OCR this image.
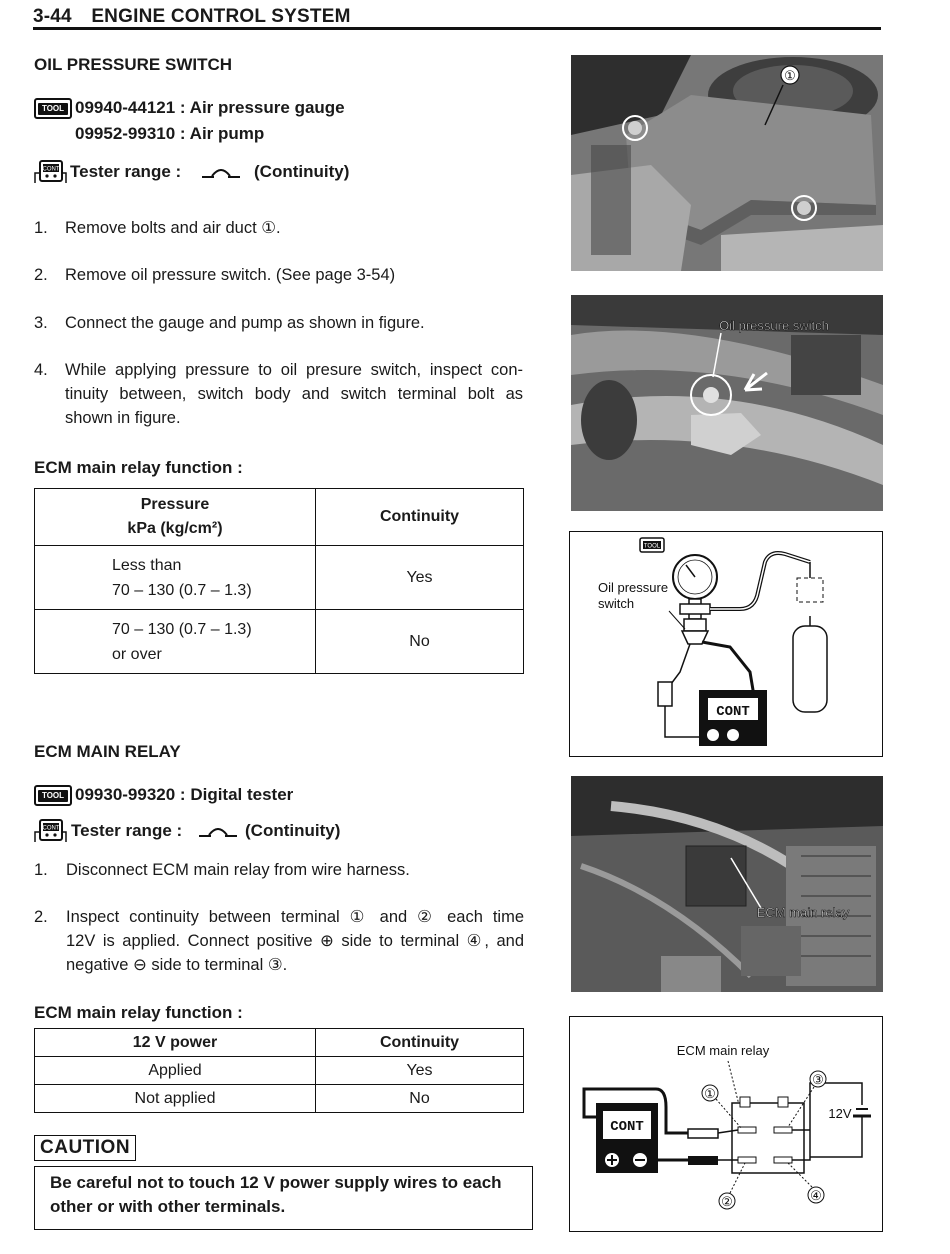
3-44 ENGINE CONTROL SYSTEM
OIL PRESSURE SWITCH
TOOL 09940-44121 : Air pressure gauge
09952-99310 : Air pump
CONT Tester range :	(Continuity)
1.	Remove bolts and air duct ①.
2.	Remove oil pressure switch. (See page 3-54)
3.	Connect the gauge and pump as shown in figure.
4.	While applying pressure to oil presure switch, inspect con-
tinuity between, switch body and switch terminal bolt as
shown in figure.
ECM main relay function :
Pressure
kPa (kg/cm²)	Continuity

Less than
70 – 130 (0.7 – 1.3)	Yes

70 – 130 (0.7 – 1.3)
or over	No
ECM MAIN RELAY
TOOL 09930-99320 : Digital tester
CONT Tester range :	(Continuity)
1.	Disconnect ECM main relay from wire harness.
2.	Inspect continuity between terminal ① and ② each time
12V is applied. Connect positive ⊕ side to terminal ④, and
negative ⊖ side to terminal ③.
ECM main relay function :
12 V power	Continuity
Applied	Yes
Not applied	No
CAUTION
Be careful not to touch 12 V power supply wires to each
other or with other terminals.
①
Oil pressure switch
TOOL
Oil pressure
switch
CONT
ECM main relay
ECM main relay
CONT
12V
①
②
③
④
